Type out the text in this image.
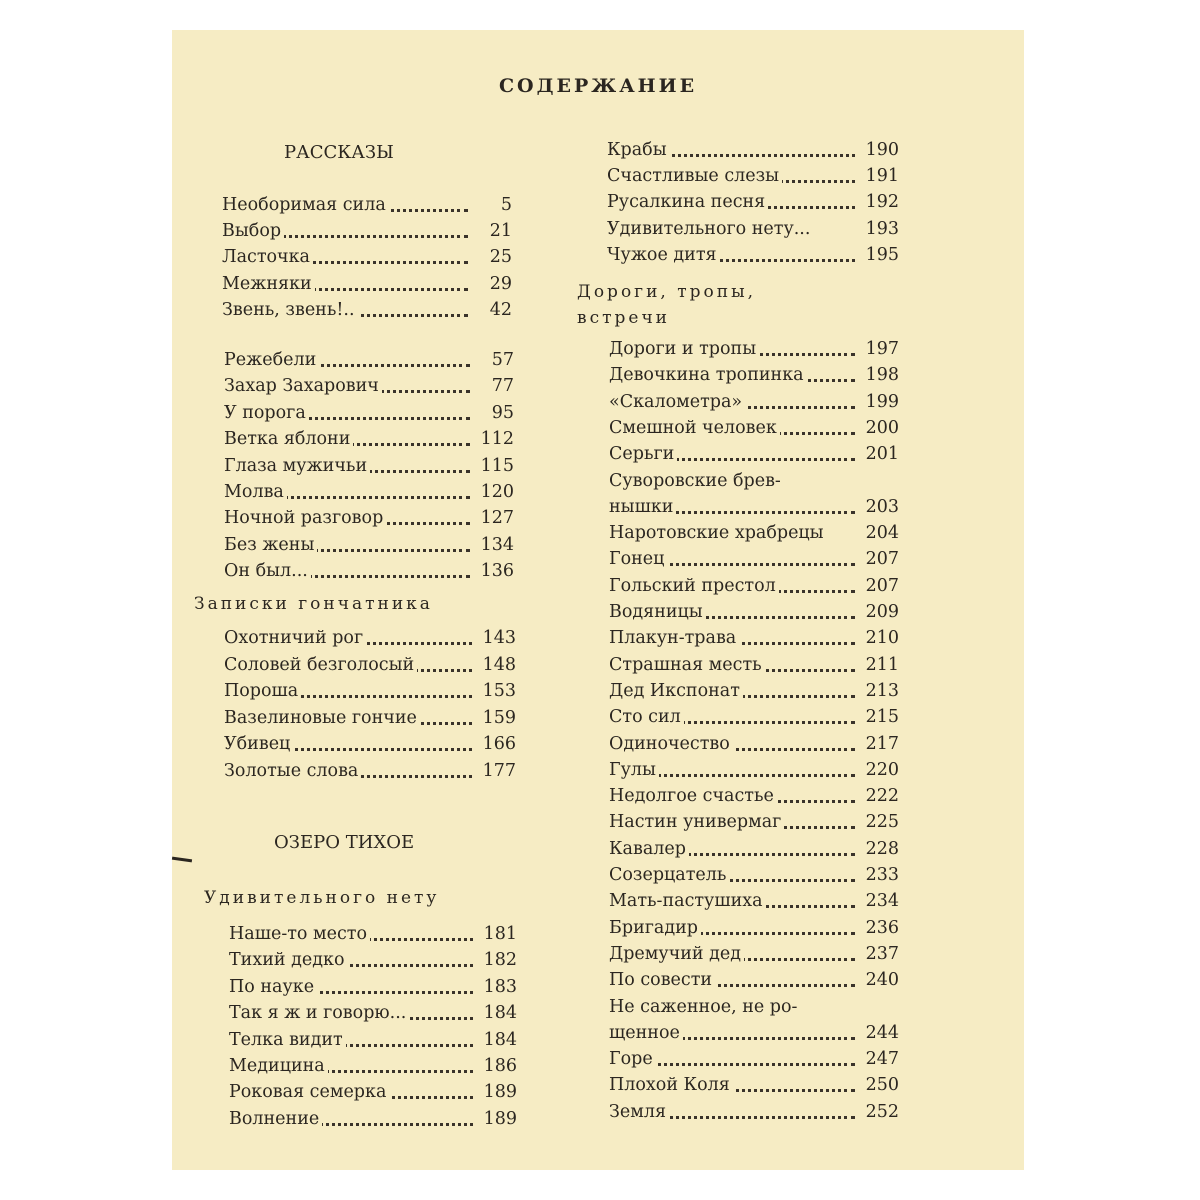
СОДЕРЖАНИЕ
РАССКАЗЫ
Необоримая сила	5
Выбор	21
Ласточка	25
Межняки	29
Звень, звень!..	42
Режебели	57
Захар Захарович	77
У порога	95
Ветка яблони	112
Глаза мужичьи	115
Молва	120
Ночной разговор	127
Без жены	134
Он был...	136
Записки гончатника
Охотничий рог	143
Соловей безголосый	148
Пороша	153
Вазелиновые гончие	159
Убивец	166
Золотые слова	177
ОЗЕРО ТИХОЕ
Удивительного нету
Наше-то место	181
Тихий дедко	182
По науке	183
Так я ж и говорю...	184
Телка видит	184
Медицина	186
Роковая семерка	189
Волнение	189
Крабы	190
Счастливые слезы	191
Русалкина песня	192
Удивительного нету...	193
Чужое дитя	195
Дороги, тропы,
встречи
Дороги и тропы	197
Девочкина тропинка	198
«Скалометра»	199
Смешной человек	200
Серьги	201
Суворовские брев-
нышки	203
Наротовские храбрецы	204
Гонец	207
Гольский престол	207
Водяницы	209
Плакун-трава	210
Страшная месть	211
Дед Икспонат	213
Сто сил	215
Одиночество	217
Гулы	220
Недолгое счастье	222
Настин универмаг	225
Кавалер	228
Созерцатель	233
Мать-пастушиха	234
Бригадир	236
Дремучий дед	237
По совести	240
Не саженное, не ро-
щенное	244
Горе	247
Плохой Коля	250
Земля	252
